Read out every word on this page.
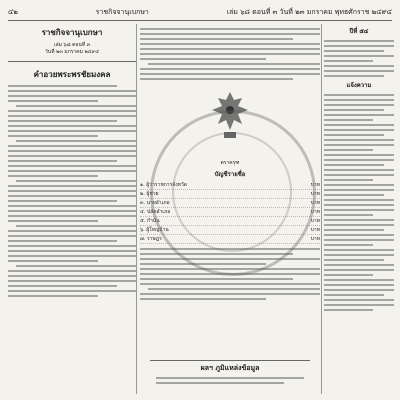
๔๒	ราชกิจจานุเบกษา	เล่ม ๖๘ ตอนที่ ๓ วันที่ ๒๓ มกราคม พุทธศักราช ๒๔๙๔
ราชกิจจานุเบกษา
เล่ม ๖๘ ตอนที่ ๓
วันที่ ๒๓ มกราคม ๒๔๙๔
คำอวยพระพรชัยมงคล
ตราครุฑ
บัญชีรายชื่อ
๑. ผู้ว่าราชการจังหวัด	บาท
๒. ผู้ช่วย	บาท
๓. นายอำเภอ	บาท
๔. ปลัดอำเภอ	บาท
๕. กำนัน	บาท
๖. ผู้ใหญ่บ้าน	บาท
๗. ราษฎร	บาท
ผลฯ ภูมิแหล่งข้อมูล
ปีที่ ๕๔
แจ้งความ
